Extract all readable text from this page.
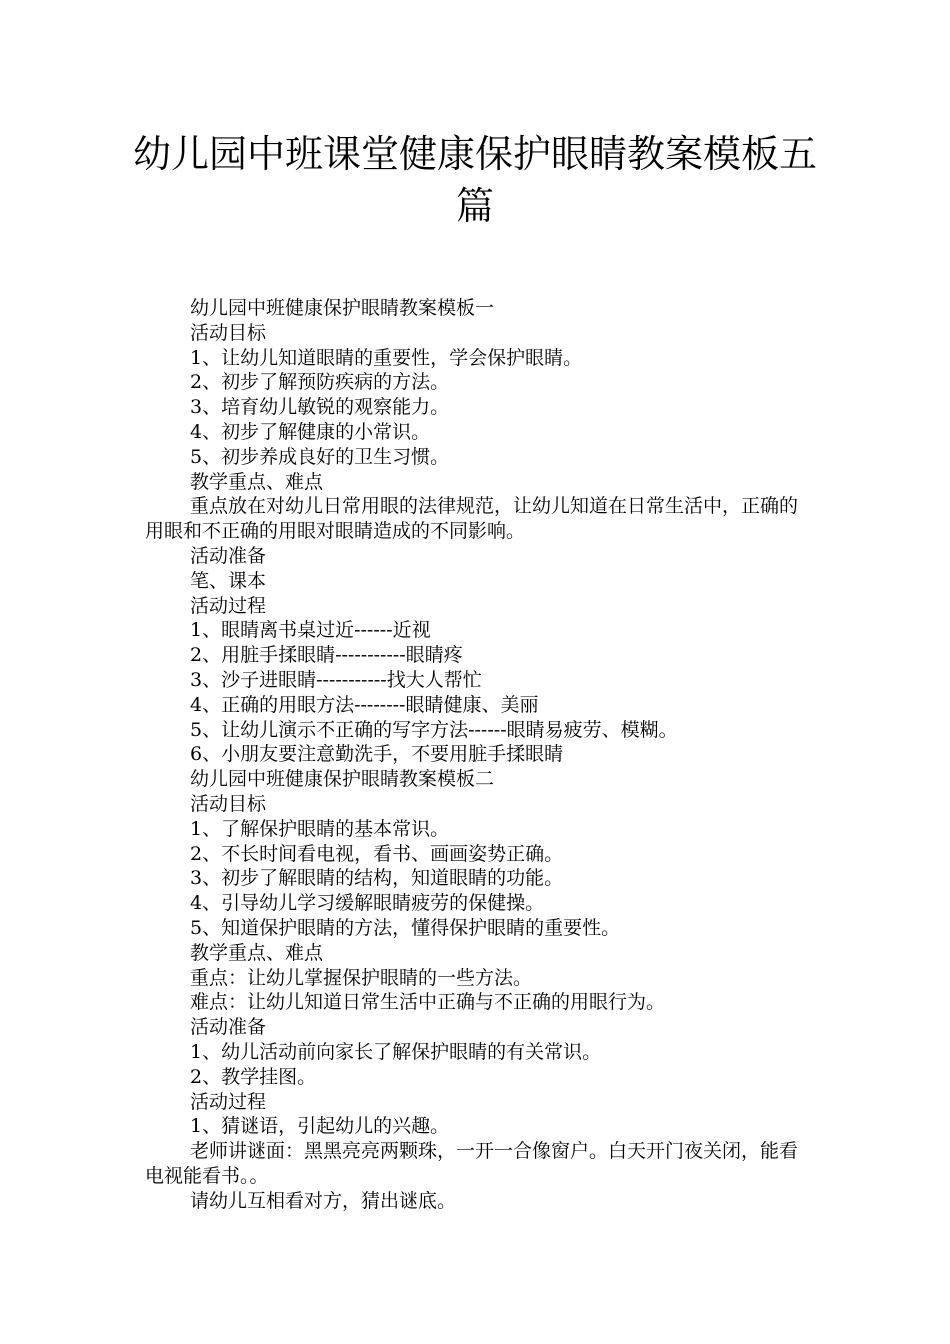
幼儿园中班课堂健康保护眼睛教案模板五篇

幼儿园中班健康保护眼睛教案模板一

活动目标

1、让幼儿知道眼睛的重要性，学会保护眼睛。

2、初步了解预防疾病的方法。

3、培育幼儿敏锐的观察能力。

4、初步了解健康的小常识。

5、初步养成良好的卫生习惯。

教学重点、难点

重点放在对幼儿日常用眼的法律规范，让幼儿知道在日常生活中，正确的用眼和不正确的用眼对眼睛造成的不同影响。

活动准备

笔、课本

活动过程

1、眼睛离书桌过近------近视

2、用脏手揉眼睛-----------眼睛疼

3、沙子进眼睛-----------找大人帮忙

4、正确的用眼方法--------眼睛健康、美丽

5、让幼儿演示不正确的写字方法------眼睛易疲劳、模糊。

6、小朋友要注意勤洗手，不要用脏手揉眼睛

幼儿园中班健康保护眼睛教案模板二

活动目标

1、了解保护眼睛的基本常识。

2、不长时间看电视，看书、画画姿势正确。

3、初步了解眼睛的结构，知道眼睛的功能。

4、引导幼儿学习缓解眼睛疲劳的保健操。

5、知道保护眼睛的方法，懂得保护眼睛的重要性。

教学重点、难点

重点：让幼儿掌握保护眼睛的一些方法。

难点：让幼儿知道日常生活中正确与不正确的用眼行为。

活动准备

1、幼儿活动前向家长了解保护眼睛的有关常识。

2、教学挂图。

活动过程

1、猜谜语，引起幼儿的兴趣。

老师讲谜面：黑黑亮亮两颗珠，一开一合像窗户。白天开门夜关闭，能看电视能看书。。

请幼儿互相看对方，猜出谜底。
